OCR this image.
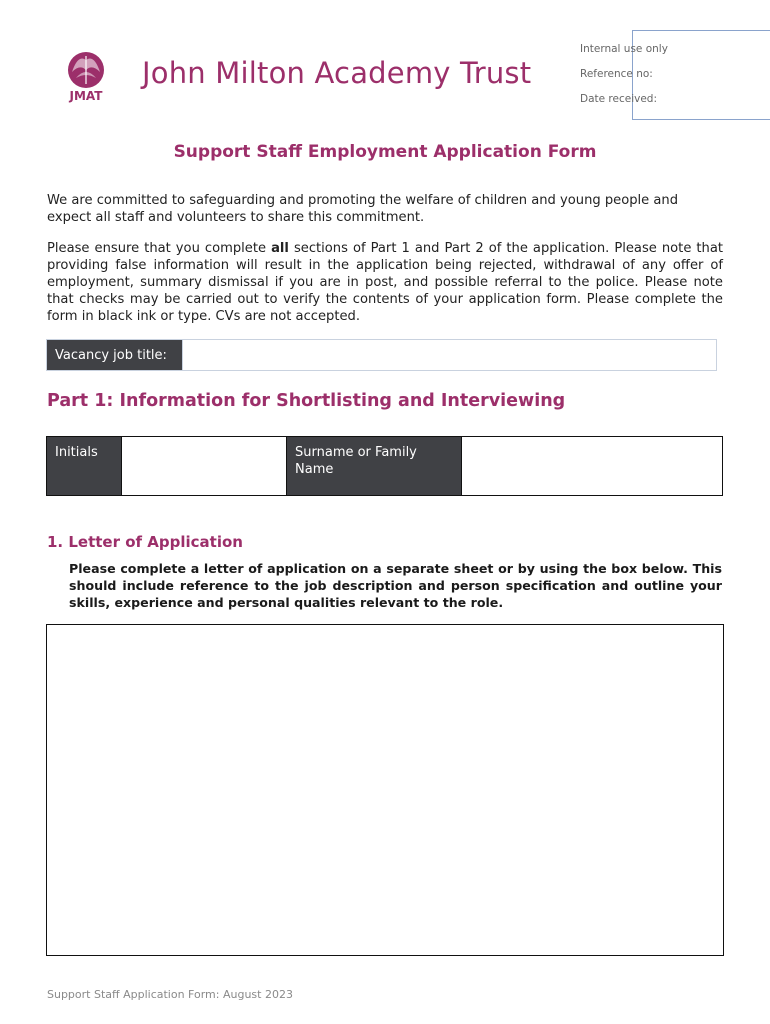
JMAT
John Milton Academy Trust
Internal use only
Reference no:
Date received:
Support Staff Employment Application Form
We are committed to safeguarding and promoting the welfare of children and young people and expect all staff and volunteers to share this commitment.
Please ensure that you complete all sections of Part 1 and Part 2 of the application. Please note that providing false information will result in the application being rejected, withdrawal of any offer of employment, summary dismissal if you are in post, and possible referral to the police. Please note that checks may be carried out to verify the contents of your application form. Please complete the form in black ink or type. CVs are not accepted.
Vacancy job title:
Part 1: Information for Shortlisting and Interviewing
Initials	Surname or Family Name
1. Letter of Application
Please complete a letter of application on a separate sheet or by using the box below. This should include reference to the job description and person specification and outline your skills, experience and personal qualities relevant to the role.
Support Staff Application Form: August 2023
